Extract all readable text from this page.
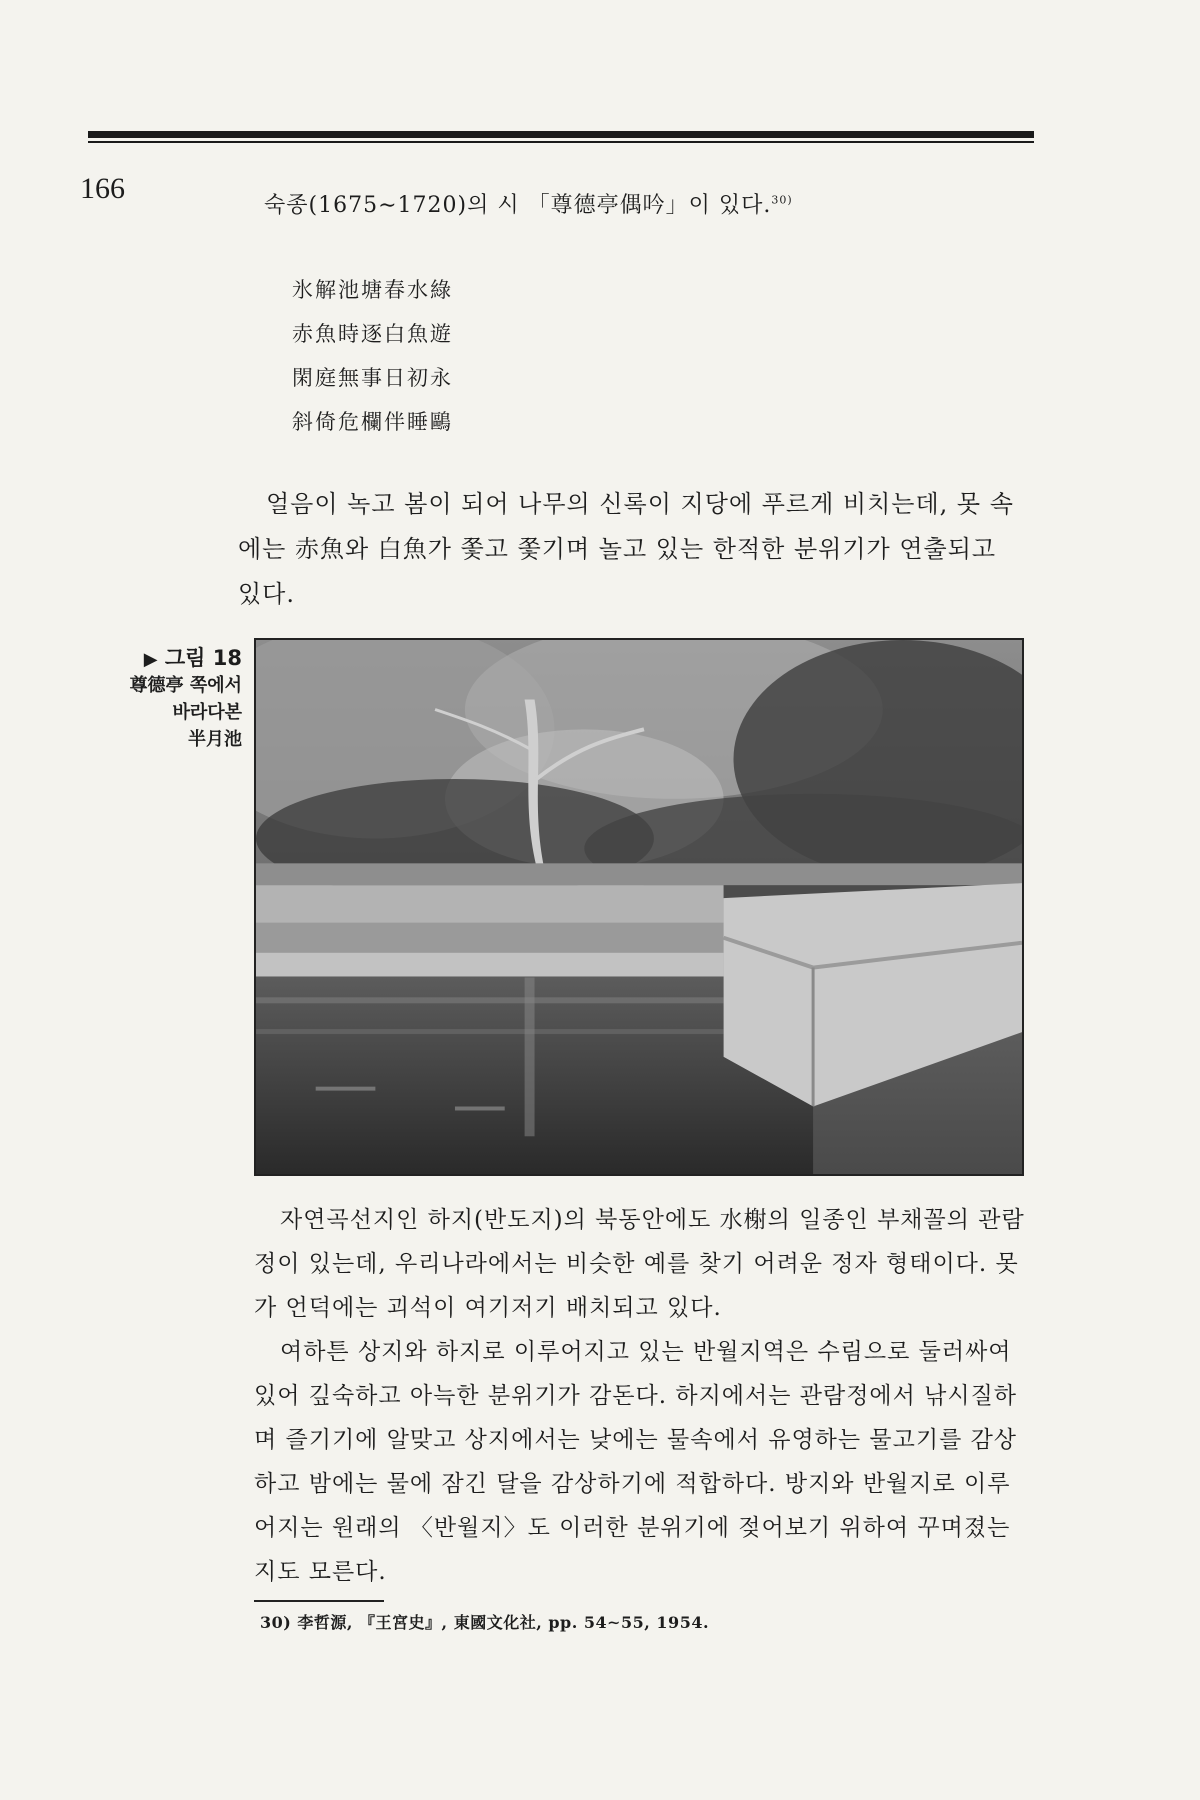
166
숙종(1675∼1720)의 시 「尊德亭偶吟」이 있다.$^{30)}$
氷解池塘春水綠
赤魚時逐白魚遊
閑庭無事日初永
斜倚危欄伴睡鷗

얼음이 녹고 봄이 되어 나무의 신록이 지당에 푸르게 비치는데, 못 속에는 赤魚와 白魚가 쫓고 쫓기며 놀고 있는 한적한 분위기가 연출되고 있다.

▶ 그림 18
尊德亭 쪽에서
바라다본
半月池

자연곡선지인 하지(반도지)의 북동안에도 水榭의 일종인 부채꼴의 관람정이 있는데, 우리나라에서는 비슷한 예를 찾기 어려운 정자 형태이다. 못가 언덕에는 괴석이 여기저기 배치되고 있다.

여하튼 상지와 하지로 이루어지고 있는 반월지역은 수림으로 둘러싸여 있어 깊숙하고 아늑한 분위기가 감돈다. 하지에서는 관람정에서 낚시질하며 즐기기에 알맞고 상지에서는 낮에는 물속에서 유영하는 물고기를 감상하고 밤에는 물에 잠긴 달을 감상하기에 적합하다. 방지와 반월지로 이루어지는 원래의 〈반월지〉도 이러한 분위기에 젖어보기 위하여 꾸며졌는지도 모른다.

30) 李哲源, 『王宮史』, 東國文化社, pp. 54∼55, 1954.
